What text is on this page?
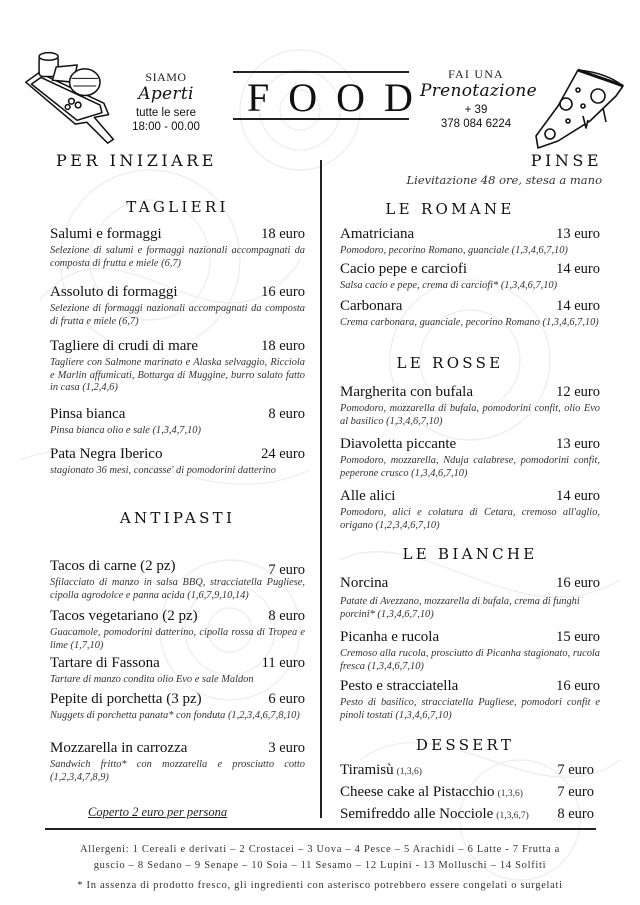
SIAMO
Aperti
tutte le sere
18:00 - 00.00
FOOD
FAI UNA
Prenotazione
+ 39
378 084 6224
PER INIZIARE
TAGLIERI
Salumi e formaggi	18 euro
Selezione di salumi e formaggi nazionali accompagnati da composta di frutta e miele (6,7)
Assoluto di formaggi	16 euro
Selezione di formaggi nazionali accompagnati da composta di frutta e miele (6,7)
Tagliere di crudi di mare	18 euro
Tagliere con Salmone marinato e Alaska selvaggio, Ricciola e Marlin affumicati, Bottarga di Muggine, burro salato fatto in casa (1,2,4,6)
Pinsa bianca	8 euro
Pinsa bianca olio e sale (1,3,4,7,10)
Pata Negra Iberico	24 euro
stagionato 36 mesi, concasse' di pomodorini datterino
ANTIPASTI
Tacos di carne (2 pz)	7 euro
Sfilacciato di manzo in salsa BBQ, stracciatella Pugliese, cipolla agrodolce e panna acida (1,6,7,9,10,14)
Tacos vegetariano (2 pz)	8 euro
Guacamole, pomodorini datterino, cipolla rossa di Tropea e lime (1,7,10)
Tartare di Fassona	11 euro
Tartare di manzo condita olio Evo e sale Maldon
Pepite di porchetta (3 pz)	6 euro
Nuggets di porchetta panata* con fonduta (1,2,3,4,6,7,8,10)
Mozzarella in carrozza	3 euro
Sandwich fritto* con mozzarella e prosciutto cotto (1,2,3,4,7,8,9)
Coperto 2 euro per persona
PINSE
Lievitazione 48 ore, stesa a mano
LE ROMANE
Amatriciana	13 euro
Pomodoro, pecorino Romano, guanciale (1,3,4,6,7,10)
Cacio pepe e carciofi	14 euro
Salsa cacio e pepe, crema di carciofi* (1,3,4,6,7,10)
Carbonara	14 euro
Crema carbonara, guanciale, pecorino Romano (1,3,4,6,7,10)
LE ROSSE
Margherita con bufala	12 euro
Pomodoro, mozzarella di bufala, pomodorini confit, olio Evo al basilico (1,3,4,6,7,10)
Diavoletta piccante	13 euro
Pomodoro, mozzarella, Nduja calabrese, pomodorini confit, peperone crusco (1,3,4,6,7,10)
Alle alici	14 euro
Pomodoro, alici e colatura di Cetara, cremoso all'aglio, origano (1,2,3,4,6,7,10)
LE BIANCHE
Norcina	16 euro
Patate di Avezzano, mozzarella di bufala, crema di funghi porcini* (1,3,4,6,7,10)
Picanha e rucola	15 euro
Cremoso alla rucola, prosciutto di Picanha stagionato, rucola fresca (1,3,4,6,7,10)
Pesto e stracciatella	16 euro
Pesto di basilico, stracciatella Pugliese, pomodori confit e pinoli tostati (1,3,4,6,7,10)
DESSERT
Tiramisù (1,3,6)	7 euro
Cheese cake al Pistacchio (1,3,6) 7 euro
Semifreddo alle Nocciole (1,3,6,7) 8 euro
Allergeni: 1 Cereali e derivati – 2 Crostacei – 3 Uova – 4 Pesce – 5 Arachidi – 6 Latte - 7 Frutta a
guscio – 8 Sedano – 9 Senape – 10 Soia – 11 Sesamo – 12 Lupini - 13 Molluschi – 14 Solfiti
* In assenza di prodotto fresco, gli ingredienti con asterisco potrebbero essere congelati o surgelati
